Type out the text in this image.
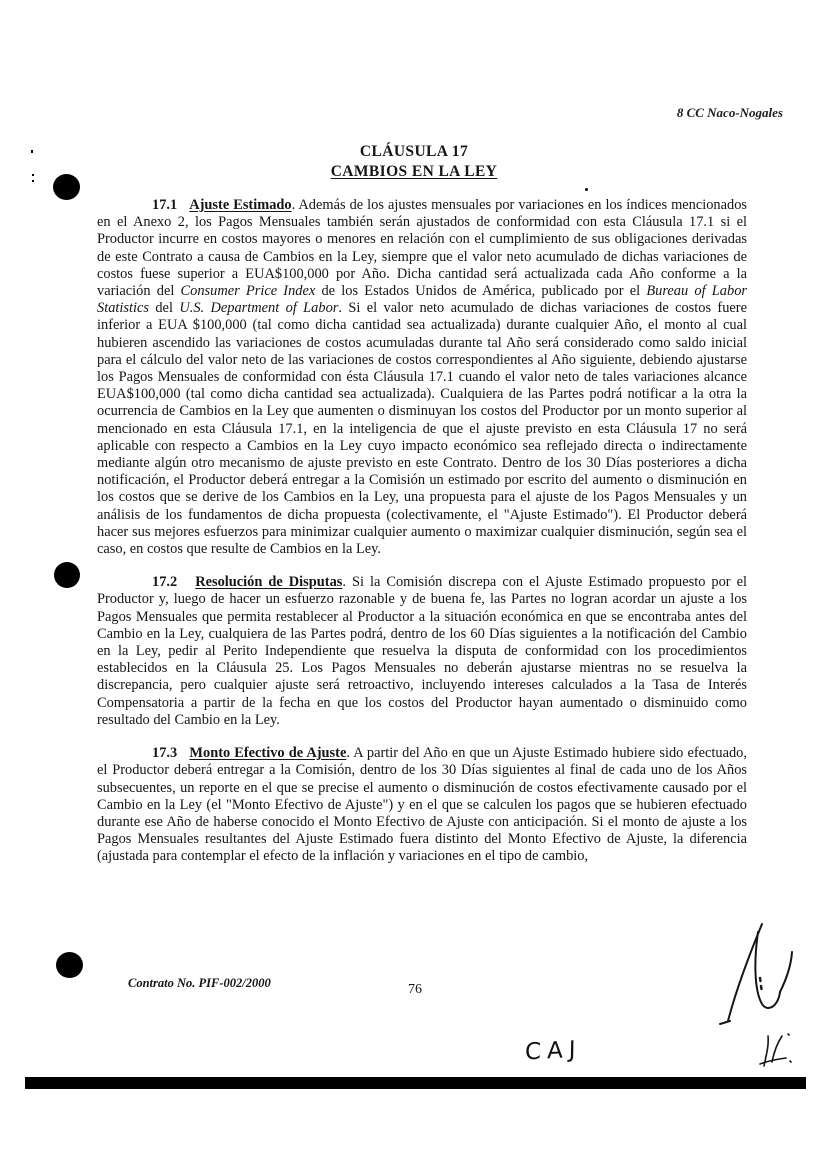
8 CC Naco-Nogales
CLÁUSULA 17
CAMBIOS EN LA LEY

17.1   Ajuste Estimado. Además de los ajustes mensuales por variaciones en los índices mencionados en el Anexo 2, los Pagos Mensuales también serán ajustados de conformidad con esta Cláusula 17.1 si el Productor incurre en costos mayores o menores en relación con el cumplimiento de sus obligaciones derivadas de este Contrato a causa de Cambios en la Ley, siempre que el valor neto acumulado de dichas variaciones de costos fuese superior a EUA$100,000 por Año. Dicha cantidad será actualizada cada Año conforme a la variación del Consumer Price Index de los Estados Unidos de América, publicado por el Bureau of Labor Statistics del U.S. Department of Labor. Si el valor neto acumulado de dichas variaciones de costos fuere inferior a EUA $100,000 (tal como dicha cantidad sea actualizada) durante cualquier Año, el monto al cual hubieren ascendido las variaciones de costos acumuladas durante tal Año será considerado como saldo inicial para el cálculo del valor neto de las variaciones de costos correspondientes al Año siguiente, debiendo ajustarse los Pagos Mensuales de conformidad con ésta Cláusula 17.1 cuando el valor neto de tales variaciones alcance EUA$100,000 (tal como dicha cantidad sea actualizada). Cualquiera de las Partes podrá notificar a la otra la ocurrencia de Cambios en la Ley que aumenten o disminuyan los costos del Productor por un monto superior al mencionado en esta Cláusula 17.1, en la inteligencia de que el ajuste previsto en esta Cláusula 17 no será aplicable con respecto a Cambios en la Ley cuyo impacto económico sea reflejado directa o indirectamente mediante algún otro mecanismo de ajuste previsto en este Contrato. Dentro de los 30 Días posteriores a dicha notificación, el Productor deberá entregar a la Comisión un estimado por escrito del aumento o disminución en los costos que se derive de los Cambios en la Ley, una propuesta para el ajuste de los Pagos Mensuales y un análisis de los fundamentos de dicha propuesta (colectivamente, el "Ajuste Estimado"). El Productor deberá hacer sus mejores esfuerzos para minimizar cualquier aumento o maximizar cualquier disminución, según sea el caso, en costos que resulte de Cambios en la Ley.

17.2   Resolución de Disputas. Si la Comisión discrepa con el Ajuste Estimado propuesto por el Productor y, luego de hacer un esfuerzo razonable y de buena fe, las Partes no logran acordar un ajuste a los Pagos Mensuales que permita restablecer al Productor a la situación económica en que se encontraba antes del Cambio en la Ley, cualquiera de las Partes podrá, dentro de los 60 Días siguientes a la notificación del Cambio en la Ley, pedir al Perito Independiente que resuelva la disputa de conformidad con los procedimientos establecidos en la Cláusula 25. Los Pagos Mensuales no deberán ajustarse mientras no se resuelva la discrepancia, pero cualquier ajuste será retroactivo, incluyendo intereses calculados a la Tasa de Interés Compensatoria a partir de la fecha en que los costos del Productor hayan aumentado o disminuido como resultado del Cambio en la Ley.

17.3   Monto Efectivo de Ajuste. A partir del Año en que un Ajuste Estimado hubiere sido efectuado, el Productor deberá entregar a la Comisión, dentro de los 30 Días siguientes al final de cada uno de los Años subsecuentes, un reporte en el que se precise el aumento o disminución de costos efectivamente causado por el Cambio en la Ley (el "Monto Efectivo de Ajuste") y en el que se calculen los pagos que se hubieren efectuado durante ese Año de haberse conocido el Monto Efectivo de Ajuste con anticipación. Si el monto de ajuste a los Pagos Mensuales resultantes del Ajuste Estimado fuera distinto del Monto Efectivo de Ajuste, la diferencia (ajustada para contemplar el efecto de la inflación y variaciones en el tipo de cambio,

Contrato No. PIF-002/2000	76
CAJ
